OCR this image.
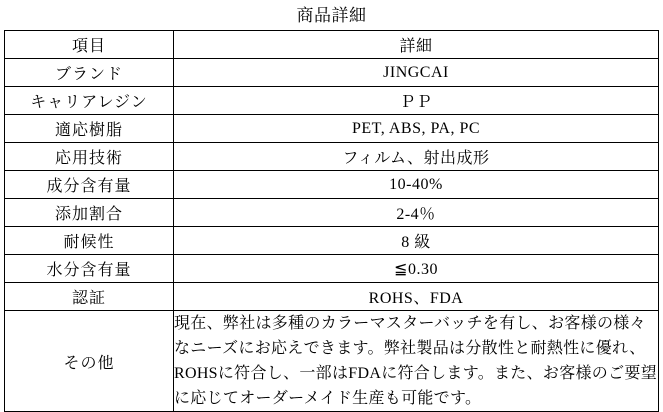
商品詳細
項目	詳細
ブランド	JINGCAI
キャリアレジン	ＰＰ
適応樹脂	PET, ABS, PA, PC
応用技術	フィルム、射出成形
成分含有量	10-40%
添加割合	2-4％
耐候性	8 級
水分含有量	≦0.30
認証	ROHS、FDA
その他	現在、弊社は多種のカラーマスターバッチを有し、お客様の様々なニーズにお応えできます。弊社製品は分散性と耐熱性に優れ、ROHSに符合し、一部はFDAに符合します。また、お客様のご要望に応じてオーダーメイド生産も可能です。
